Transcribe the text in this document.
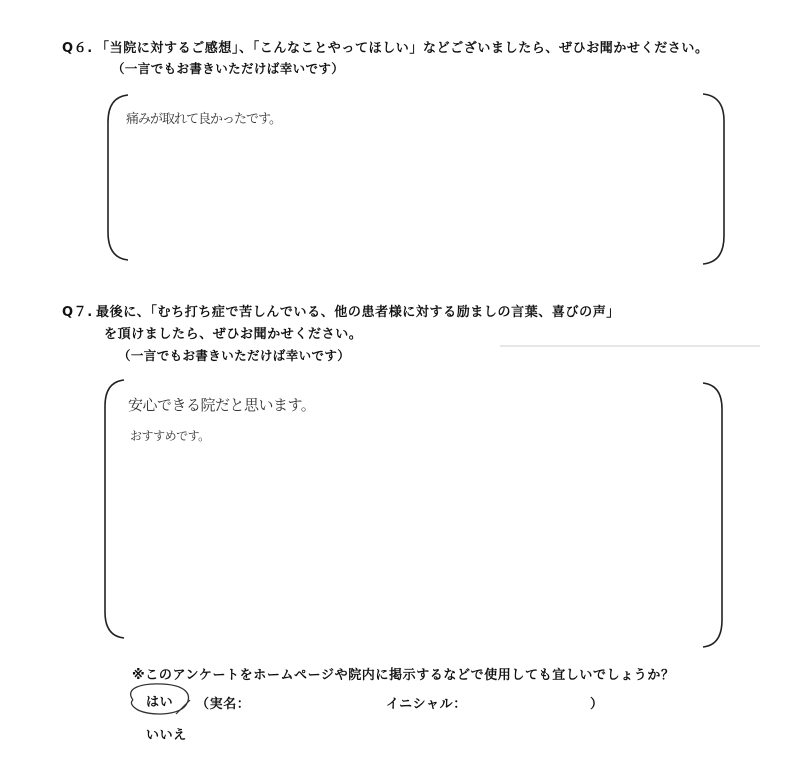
Q６. 「当院に対するご感想」、「こんなことやってほしい」などございましたら、ぜひお聞かせください。
（一言でもお書きいただけば幸いです）
痛みが取れて良かったです。
Q７. 最後に、「むち打ち症で苦しんでいる、他の患者様に対する励ましの言葉、喜びの声」
を頂けましたら、ぜひお聞かせください。
（一言でもお書きいただけば幸いです）
安心できる院だと思います。
おすすめです。
※このアンケートをホームページや院内に掲示するなどで使用しても宜しいでしょうか？
はい （実名：	イニシャル：	）
いいえ
